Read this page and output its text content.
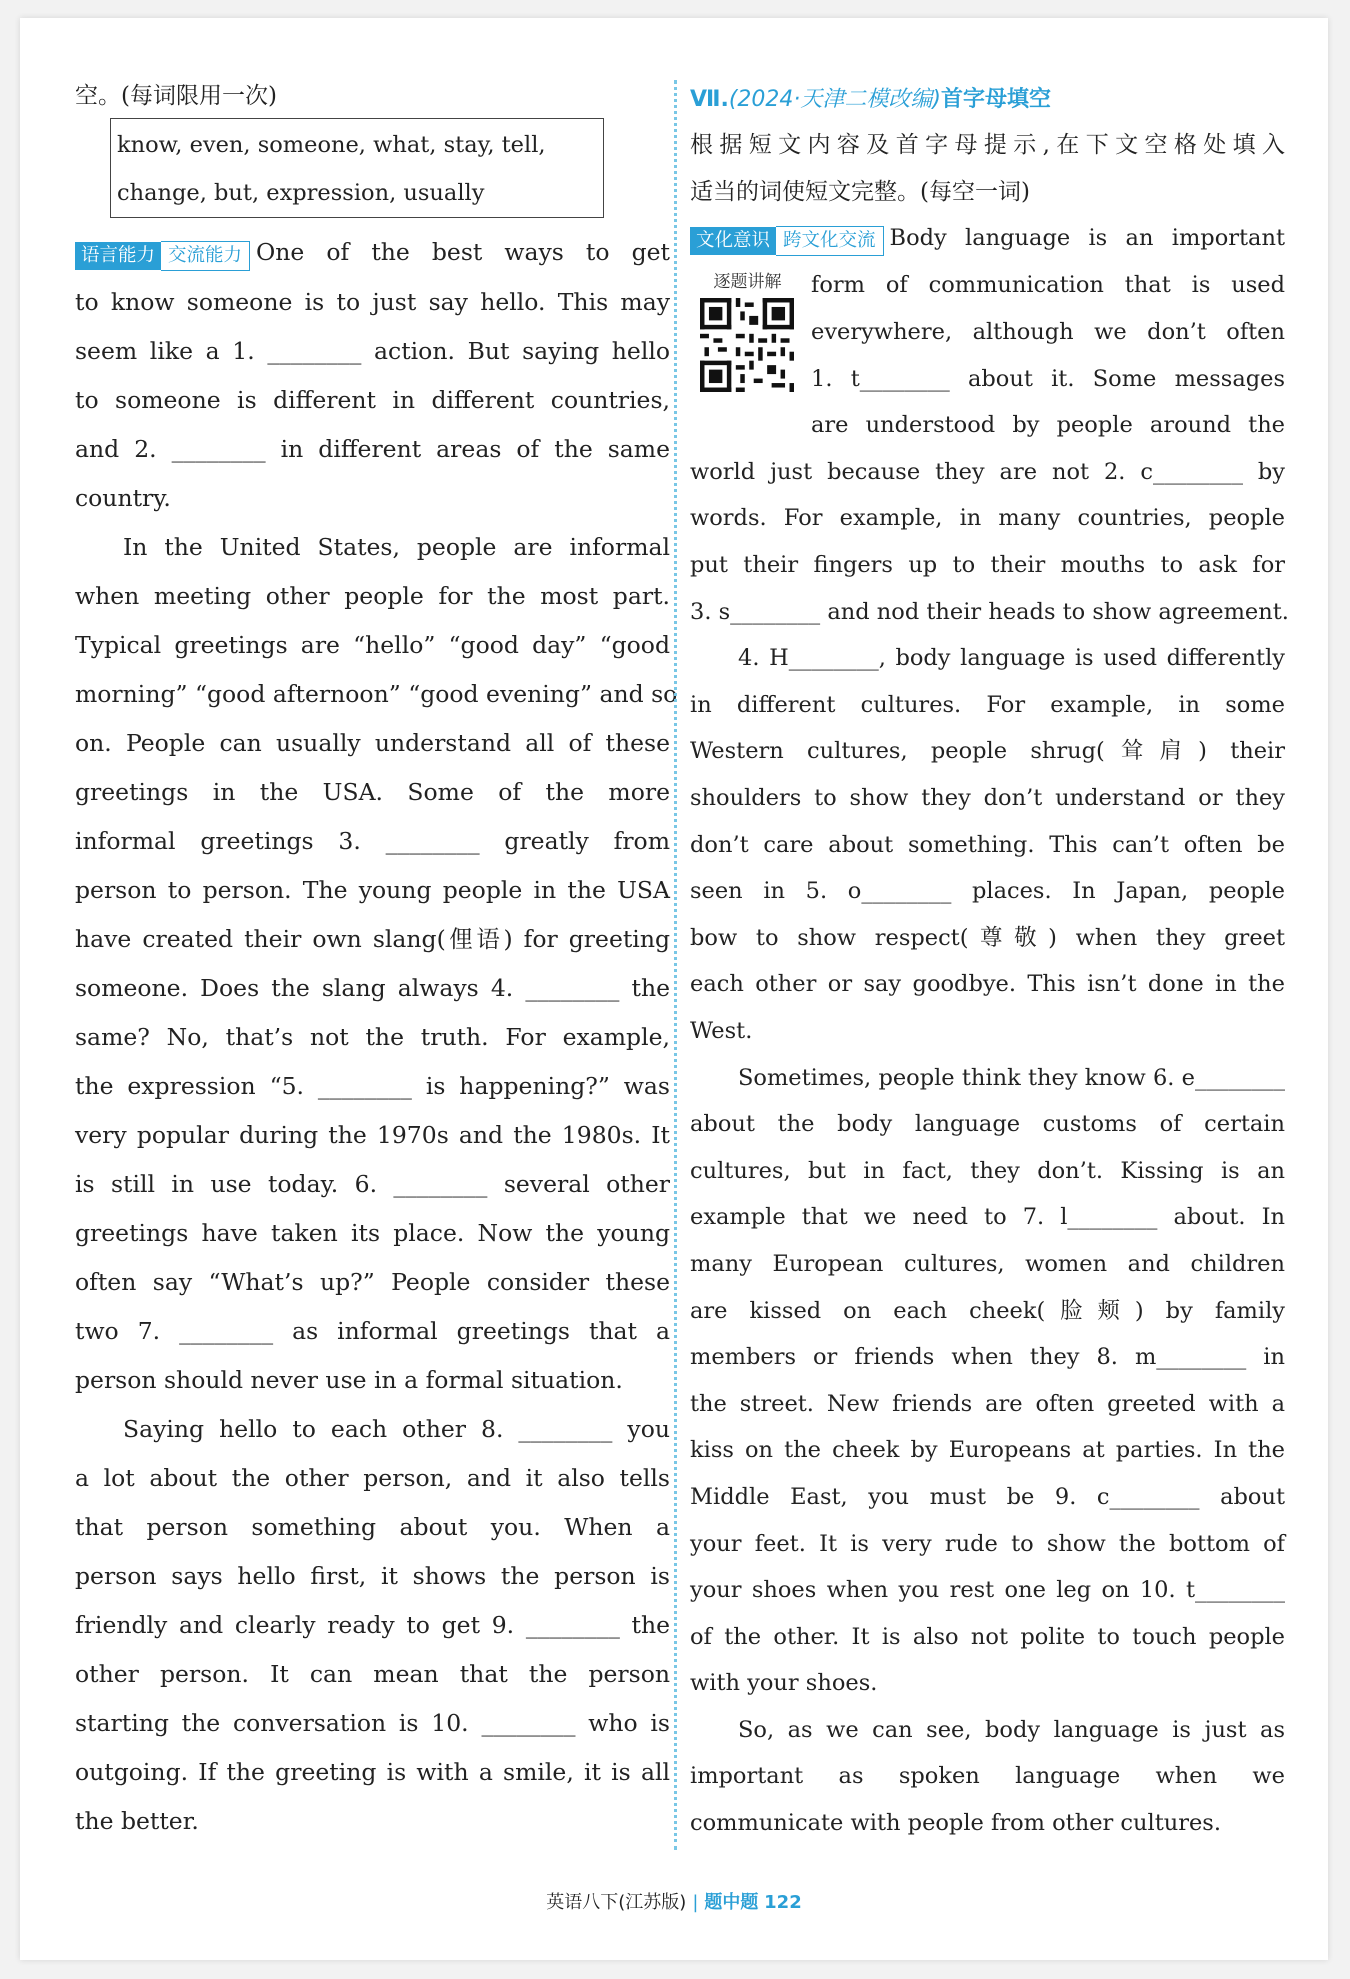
空。(每词限用一次)
know, even, someone, what, stay, tell,
change, but, expression, usually
语言能力 交流能力 One of the best ways to get
to know someone is to just say hello. This may
seem like a 1. ________ action. But saying hello
to someone is different in different countries,
and 2. ________ in different areas of the same
country.
In the United States, people are informal
when meeting other people for the most part.
Typical greetings are “hello” “good day” “good
morning” “good afternoon” “good evening” and so
on. People can usually understand all of these
greetings in the USA. Some of the more
informal greetings 3. ________ greatly from
person to person. The young people in the USA
have created their own slang(俚语) for greeting
someone. Does the slang always 4. ________ the
same? No, that’s not the truth. For example,
the expression “5. ________ is happening?” was
very popular during the 1970s and the 1980s. It
is still in use today. 6. ________ several other
greetings have taken its place. Now the young
often say “What’s up?” People consider these
two 7. ________ as informal greetings that a
person should never use in a formal situation.
Saying hello to each other 8. ________ you
a lot about the other person, and it also tells
that person something about you. When a
person says hello first, it shows the person is
friendly and clearly ready to get 9. ________ the
other person. It can mean that the person
starting the conversation is 10. ________ who is
outgoing. If the greeting is with a smile, it is all
the better.
Ⅶ.(2024·天津二模改编)首字母填空
根据短文内容及首字母提示,在下文空格处填入
适当的词使短文完整。(每空一词)
文化意识 跨文化交流 Body language is an important
逐题讲解	form of communication that is used
everywhere, although we don’t often
1. t________ about it. Some messages
are understood by people around the
world just because they are not 2. c________ by
words. For example, in many countries, people
put their fingers up to their mouths to ask for
3. s________ and nod their heads to show agreement.
4. H________, body language is used differently
in different cultures. For example, in some
Western cultures, people shrug(耸肩) their
shoulders to show they don’t understand or they
don’t care about something. This can’t often be
seen in 5. o________ places. In Japan, people
bow to show respect(尊敬) when they greet
each other or say goodbye. This isn’t done in the
West.
Sometimes, people think they know 6. e________
about the body language customs of certain
cultures, but in fact, they don’t. Kissing is an
example that we need to 7. l________ about. In
many European cultures, women and children
are kissed on each cheek(脸颊) by family
members or friends when they 8. m________ in
the street. New friends are often greeted with a
kiss on the cheek by Europeans at parties. In the
Middle East, you must be 9. c________ about
your feet. It is very rude to show the bottom of
your shoes when you rest one leg on 10. t________
of the other. It is also not polite to touch people
with your shoes.
So, as we can see, body language is just as
important as spoken language when we
communicate with people from other cultures.
英语八下(江苏版) | 题中题 122
